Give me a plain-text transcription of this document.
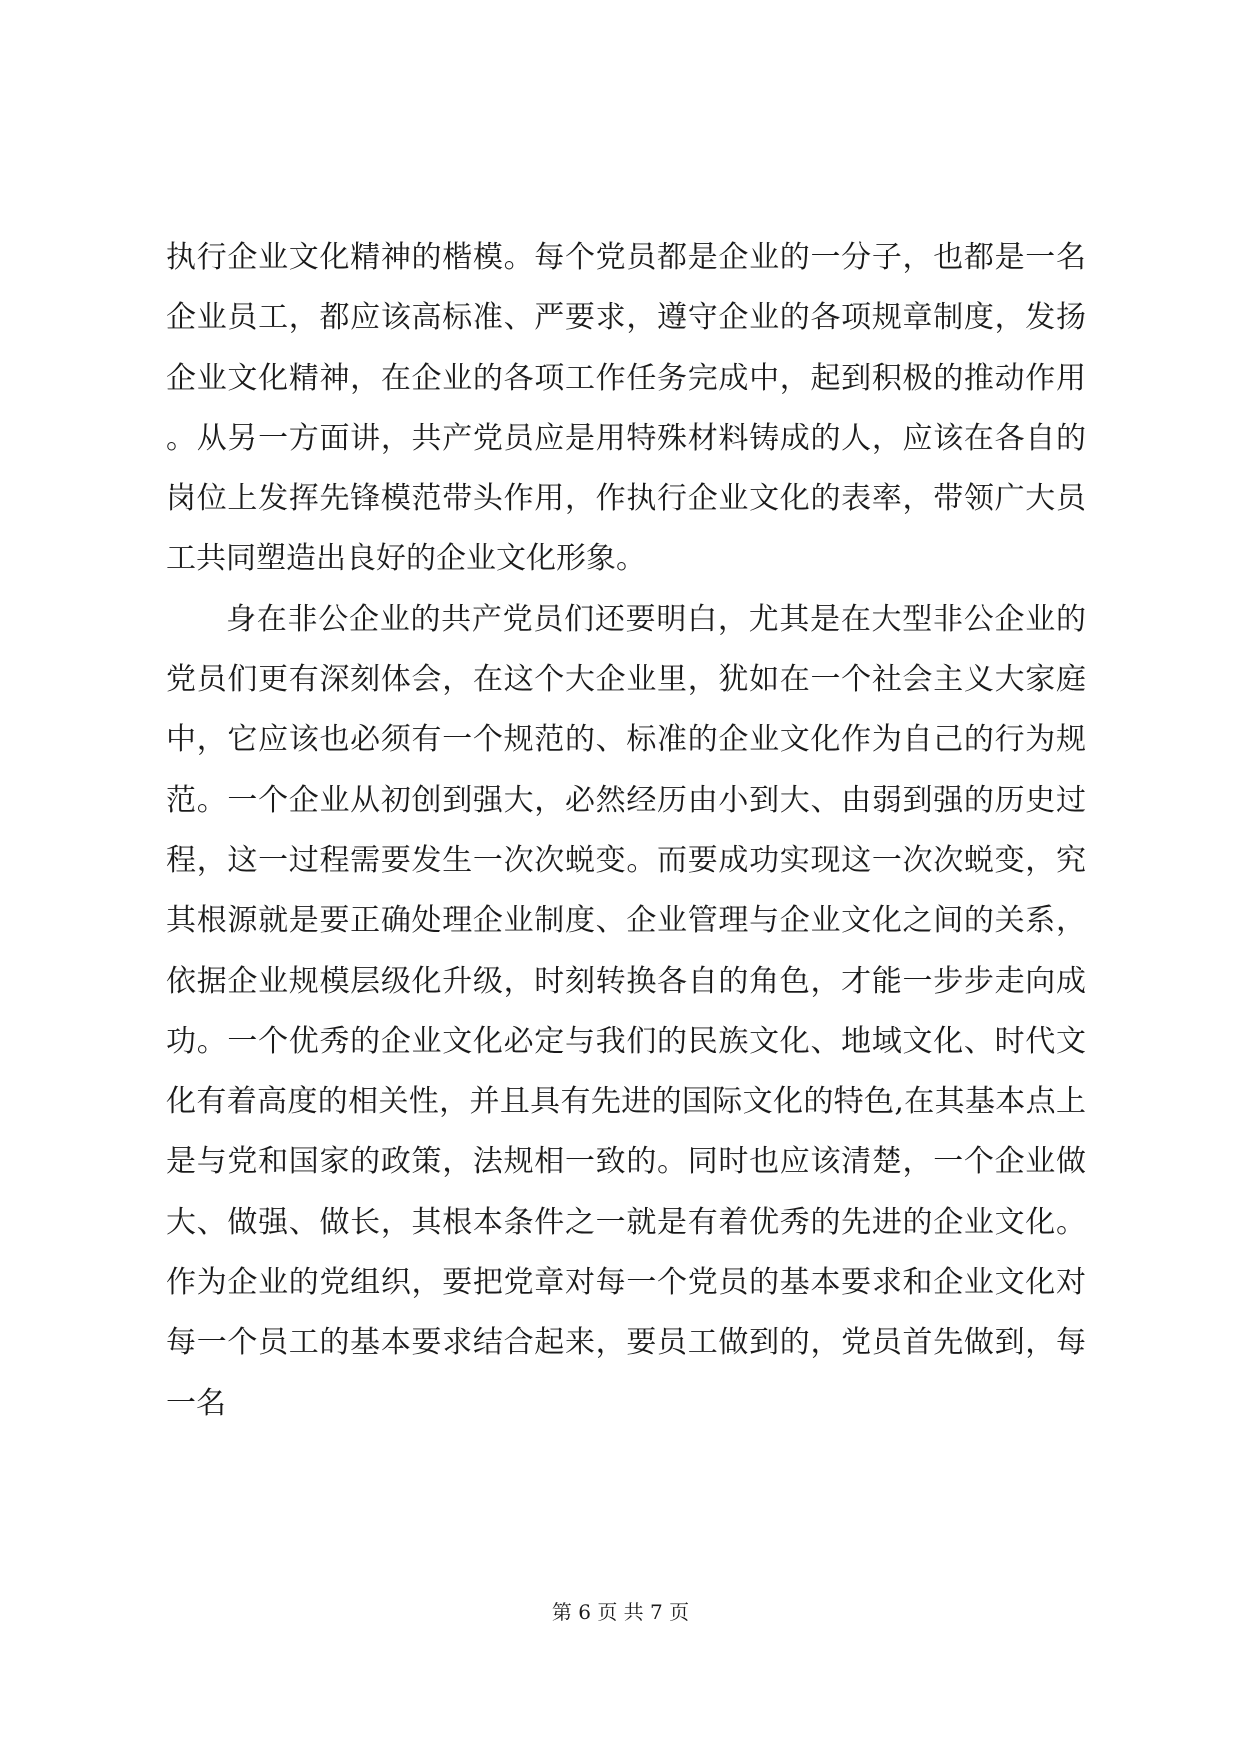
执行企业文化精神的楷模。每个党员都是企业的一分子，也都是一名企业员工，都应该高标准、严要求，遵守企业的各项规章制度，发扬企业文化精神，在企业的各项工作任务完成中，起到积极的推动作用。从另一方面讲，共产党员应是用特殊材料铸成的人，应该在各自的岗位上发挥先锋模范带头作用，作执行企业文化的表率，带领广大员工共同塑造出良好的企业文化形象。

身在非公企业的共产党员们还要明白，尤其是在大型非公企业的党员们更有深刻体会，在这个大企业里，犹如在一个社会主义大家庭中，它应该也必须有一个规范的、标准的企业文化作为自己的行为规范。一个企业从初创到强大，必然经历由小到大、由弱到强的历史过程，这一过程需要发生一次次蜕变。而要成功实现这一次次蜕变，究其根源就是要正确处理企业制度、企业管理与企业文化之间的关系，依据企业规模层级化升级，时刻转换各自的角色，才能一步步走向成功。一个优秀的企业文化必定与我们的民族文化、地域文化、时代文化有着高度的相关性，并且具有先进的国际文化的特色,在其基本点上是与党和国家的政策，法规相一致的。同时也应该清楚，一个企业做大、做强、做长，其根本条件之一就是有着优秀的先进的企业文化。作为企业的党组织，要把党章对每一个党员的基本要求和企业文化对每一个员工的基本要求结合起来，要员工做到的，党员首先做到，每一名

第 6 页 共 7 页
